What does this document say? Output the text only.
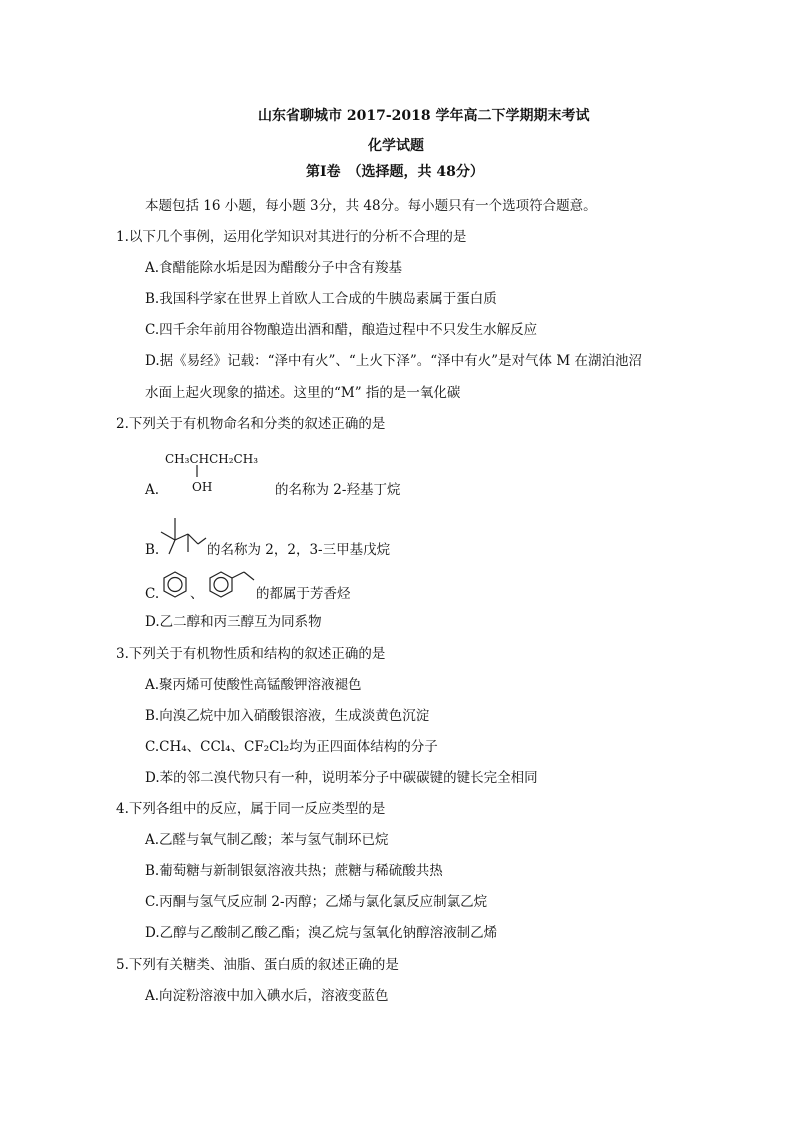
山东省聊城市 2017-2018 学年高二下学期期末考试
化学试题
第Ⅰ卷　（选择题，共 48分）
本题包括 16 小题，每小题 3分，共 48分。每小题只有一个选项符合题意。
1.以下几个事例，运用化学知识对其进行的分析不合理的是
A.食醋能除水垢是因为醋酸分子中含有羧基
B.我国科学家在世界上首欧人工合成的牛胰岛素属于蛋白质
C.四千余年前用谷物酿造出酒和醋，酿造过程中不只发生水解反应
D.据《易经》记载：“泽中有火”、“上火下泽”。“泽中有火”是对气体 M 在湖泊池沼
水面上起火现象的描述。这里的“M” 指的是一氧化碳
2.下列关于有机物命名和分类的叙述正确的是
CH₃CHCH₂CH₃
OH
A.	的名称为 2-羟基丁烷
B.	的名称为 2，2，3-三甲基戊烷
C. 、	的都属于芳香烃
D.乙二醇和丙三醇互为同系物
3.下列关于有机物性质和结构的叙述正确的是
A.聚丙烯可使酸性高锰酸钾溶液褪色
B.向溴乙烷中加入硝酸银溶液，生成淡黄色沉淀
C.CH₄、CCl₄、CF₂Cl₂均为正四面体结构的分子
D.苯的邻二溴代物只有一种，说明苯分子中碳碳键的键长完全相同
4.下列各组中的反应，属于同一反应类型的是
A.乙醛与氧气制乙酸；苯与氢气制环已烷
B.葡萄糖与新制银氨溶液共热；蔗糖与稀硫酸共热
C.丙酮与氢气反应制 2-丙醇；乙烯与氯化氯反应制氯乙烷
D.乙醇与乙酸制乙酸乙酯；溴乙烷与氢氧化钠醇溶液制乙烯
5.下列有关糖类、油脂、蛋白质的叙述正确的是
A.向淀粉溶液中加入碘水后，溶液变蓝色
